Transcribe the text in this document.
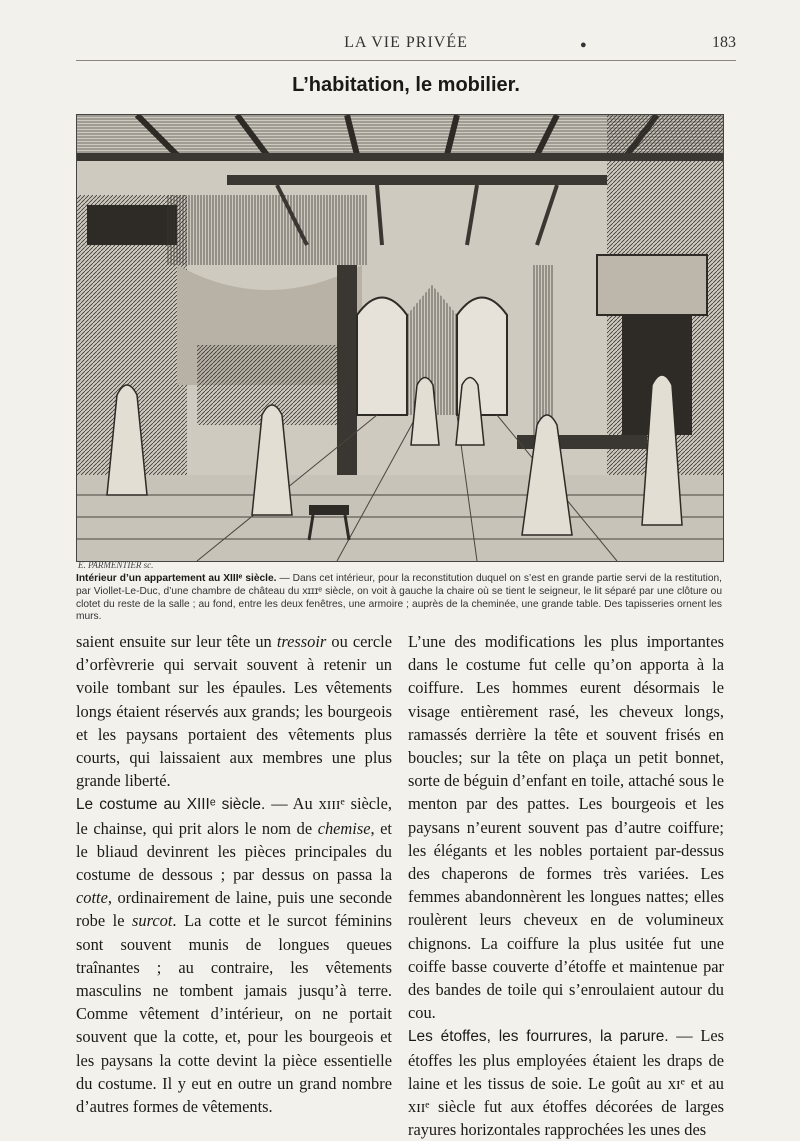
LA VIE PRIVÉE	●	183
L’habitation, le mobilier.
E. PARMENTIER sc.
Intérieur d’un appartement au XIIIᵉ siècle. — Dans cet intérieur, pour la reconstitution duquel on s’est en grande partie servi de la restitution, par Viollet-Le-Duc, d’une chambre de château du xɪɪɪᵉ siècle, on voit à gauche la chaire où se tient le seigneur, le lit séparé par une clôture ou clotet du reste de la salle ; au fond, entre les deux fenêtres, une armoire ; auprès de la cheminée, une grande table. Des tapisseries ornent les murs.

saient ensuite sur leur tête un tressoir ou cercle d’orfèvrerie qui servait souvent à retenir un voile tombant sur les épaules. Les vêtements longs étaient réservés aux grands; les bourgeois et les paysans portaient des vêtements plus courts, qui laissaient aux membres une plus grande liberté.

Le costume au XIIIᵉ siècle. — Au xɪɪɪᵉ siècle, le chainse, qui prit alors le nom de chemise, et le bliaud devinrent les pièces principales du costume de dessous ; par dessus on passa la cotte, ordinairement de laine, puis une seconde robe le surcot. La cotte et le surcot féminins sont souvent munis de longues queues traînantes ; au contraire, les vêtements masculins ne tombent jamais jusqu’à terre. Comme vêtement d’intérieur, on ne portait souvent que la cotte, et, pour les bourgeois et les paysans la cotte devint la pièce essentielle du costume. Il y eut en outre un grand nombre d’autres formes de vêtements.

L’une des modifications les plus importantes dans le costume fut celle qu’on apporta à la coiffure. Les hommes eurent désormais le visage entièrement rasé, les cheveux longs, ramassés derrière la tête et souvent frisés en boucles; sur la tête on plaça un petit bonnet, sorte de béguin d’enfant en toile, attaché sous le menton par des pattes. Les bourgeois et les paysans n’eurent souvent pas d’autre coiffure; les élégants et les nobles portaient par-dessus des chaperons de formes très variées. Les femmes abandonnèrent les longues nattes; elles roulèrent leurs cheveux en de volumineux chignons. La coiffure la plus usitée fut une coiffe basse couverte d’étoffe et maintenue par des bandes de toile qui s’enroulaient autour du cou.

Les étoffes, les fourrures, la parure. — Les étoffes les plus employées étaient les draps de laine et les tissus de soie. Le goût au xɪᵉ et au xɪɪᵉ siècle fut aux étoffes décorées de larges rayures horizontales rapprochées les unes des
